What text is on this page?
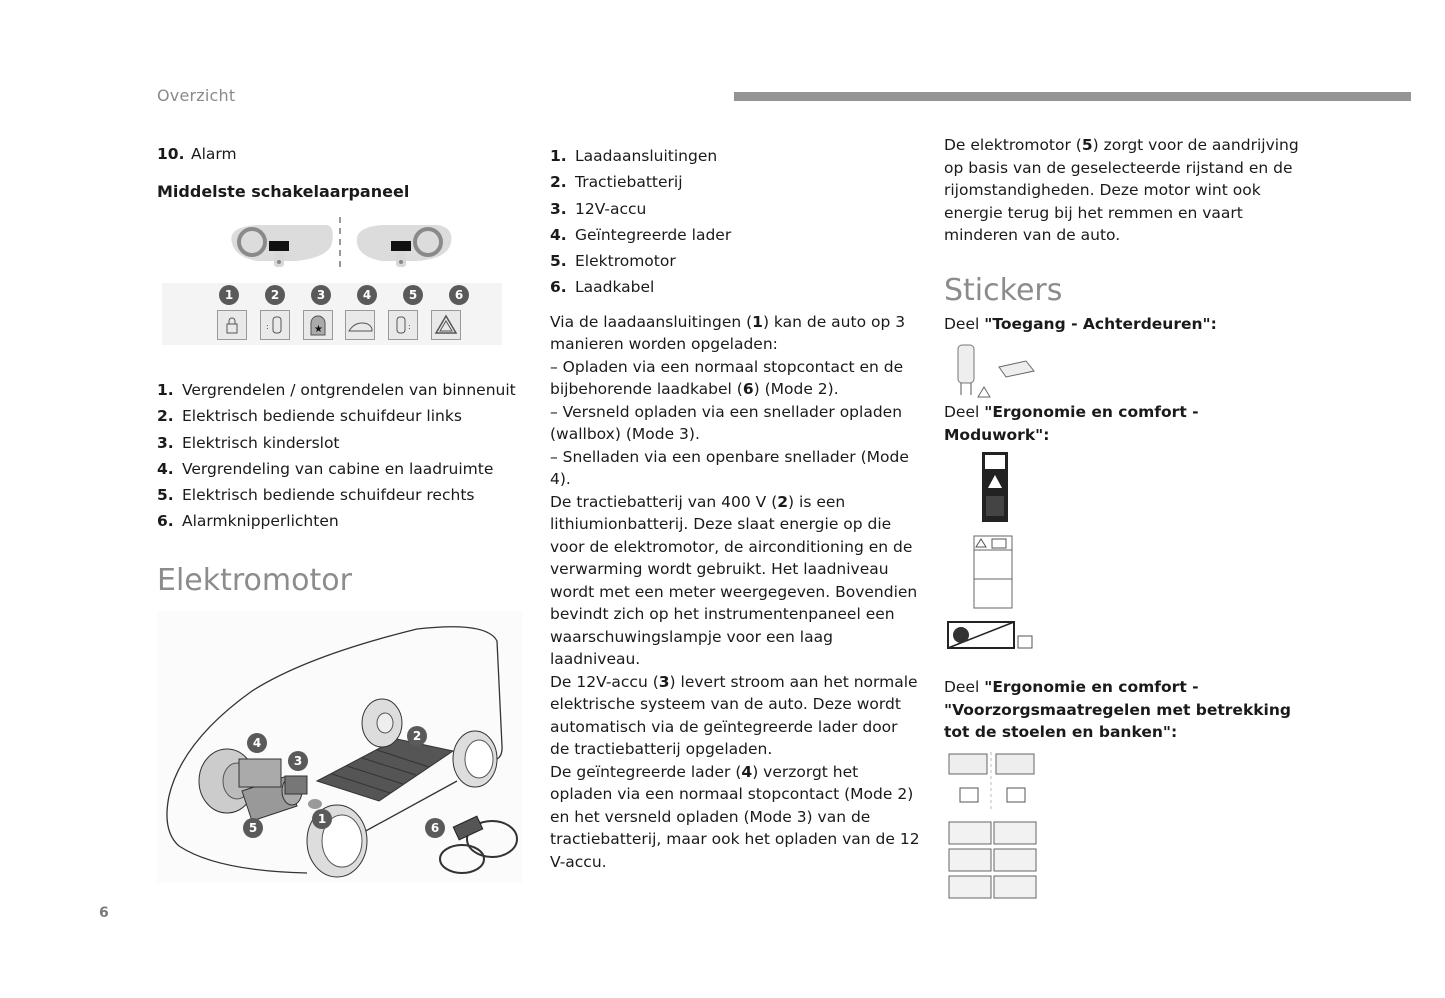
Overzicht
10. Alarm
Middelste schakelaarpaneel
1	2	3	4	5	6
:	★	:
1. Vergrendelen / ontgrendelen van binnenuit
2. Elektrisch bediende schuifdeur links
3. Elektrisch kinderslot
4. Vergrendeling van cabine en laadruimte
5. Elektrisch bediende schuifdeur rechts
6. Alarmknipperlichten
Elektromotor
4
3
2
1
5	6
1. Laadaansluitingen
2. Tractiebatterij
3. 12V-accu
4. Geïntegreerde lader
5. Elektromotor
6. Laadkabel

Via de laadaansluitingen (1) kan de auto op 3 manieren worden opgeladen:

– Opladen via een normaal stopcontact en de bijbehorende laadkabel (6) (Mode 2).

– Versneld opladen via een snellader opladen (wallbox) (Mode 3).

– Snelladen via een openbare snellader (Mode 4).

De tractiebatterij van 400 V (2) is een lithiumionbatterij. Deze slaat energie op die voor de elektromotor, de airconditioning en de verwarming wordt gebruikt. Het laadniveau wordt met een meter weergegeven. Bovendien bevindt zich op het instrumentenpaneel een waarschuwingslampje voor een laag laadniveau.

De 12V-accu (3) levert stroom aan het normale elektrische systeem van de auto. Deze wordt automatisch via de geïntegreerde lader door de tractiebatterij opgeladen.

De geïntegreerde lader (4) verzorgt het opladen via een normaal stopcontact (Mode 2) en het versneld opladen (Mode 3) van de tractiebatterij, maar ook het opladen van de 12 V-accu.

De elektromotor (5) zorgt voor de aandrijving op basis van de geselecteerde rijstand en de rijomstandigheden. Deze motor wint ook energie terug bij het remmen en vaart minderen van de auto.

Stickers

Deel "Toegang - Achterdeuren":

Deel "Ergonomie en comfort - Moduwork":

Deel "Ergonomie en comfort - "Voorzorgsmaatregelen met betrekking tot de stoelen en banken":

6
